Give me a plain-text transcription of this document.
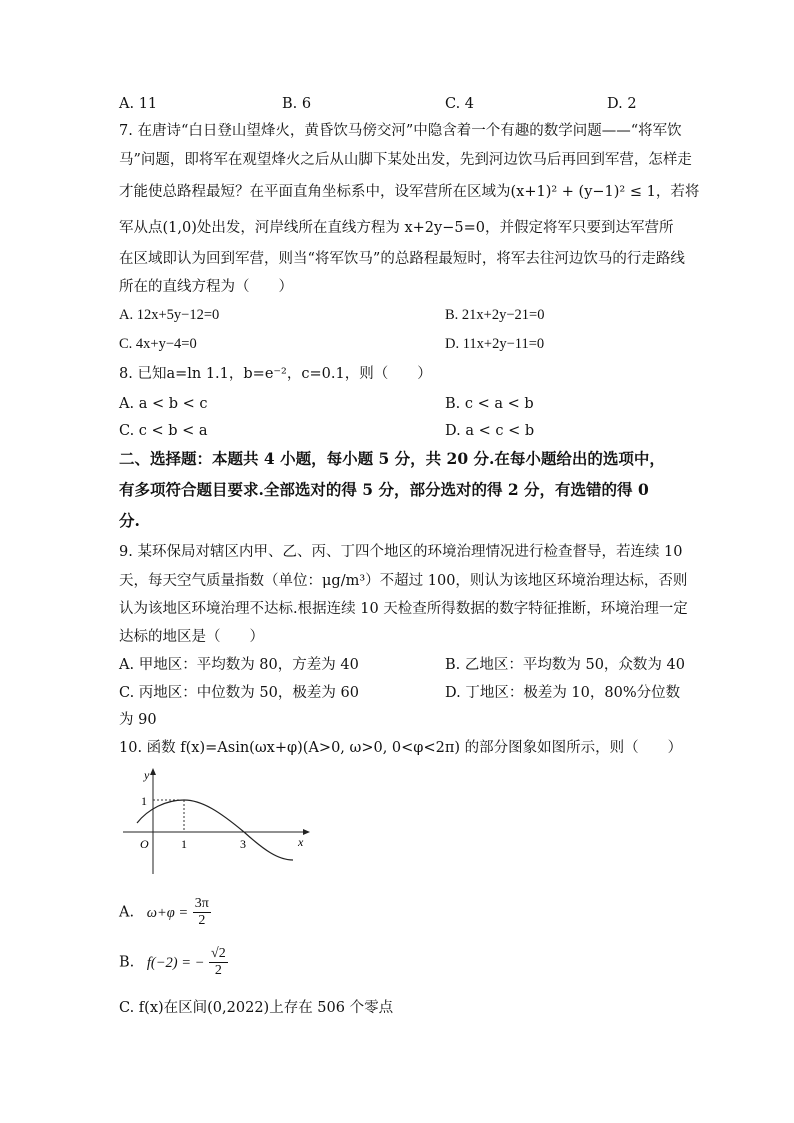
A. 11	B. 6	C. 4	D. 2
7. 在唐诗“白日登山望烽火，黄昏饮马傍交河”中隐含着一个有趣的数学问题——“将军饮
马”问题，即将军在观望烽火之后从山脚下某处出发，先到河边饮马后再回到军营，怎样走
才能使总路程最短？在平面直角坐标系中，设军营所在区域为(x+1)² + (y−1)² ≤ 1，若将
军从点(1,0)处出发，河岸线所在直线方程为 x+2y−5=0，并假定将军只要到达军营所
在区域即认为回到军营，则当“将军饮马”的总路程最短时，将军去往河边饮马的行走路线
所在的直线方程为（　　）
A. 12x+5y−12=0	B. 21x+2y−21=0
C. 4x+y−4=0	D. 11x+2y−11=0
8. 已知a=ln 1.1，b=e⁻²，c=0.1，则（　　）
A. a < b < c	B. c < a < b
C. c < b < a	D. a < c < b
二、选择题：本题共 4 小题，每小题 5 分，共 20 分.在每小题给出的选项中，
有多项符合题目要求.全部选对的得 5 分，部分选对的得 2 分，有选错的得 0
分.
9. 某环保局对辖区内甲、乙、丙、丁四个地区的环境治理情况进行检查督导，若连续 10
天，每天空气质量指数（单位：μg/m³）不超过 100，则认为该地区环境治理达标，否则
认为该地区环境治理不达标.根据连续 10 天检查所得数据的数字特征推断，环境治理一定
达标的地区是（　　）
A. 甲地区：平均数为 80，方差为 40	B. 乙地区：平均数为 50，众数为 40
C. 丙地区：中位数为 50，极差为 60	D. 丁地区：极差为 10，80%分位数
为 90
10. 函数 f(x)=Asin(ωx+φ)(A>0, ω>0, 0<φ<2π) 的部分图象如图所示，则（　　）
y
1
O	1	3	x
A. $\omega+\varphi = \frac{3\pi}{2}$
B. f(−2) = − $\frac{√2}{2}$
C. f(x)在区间(0,2022)上存在 506 个零点
